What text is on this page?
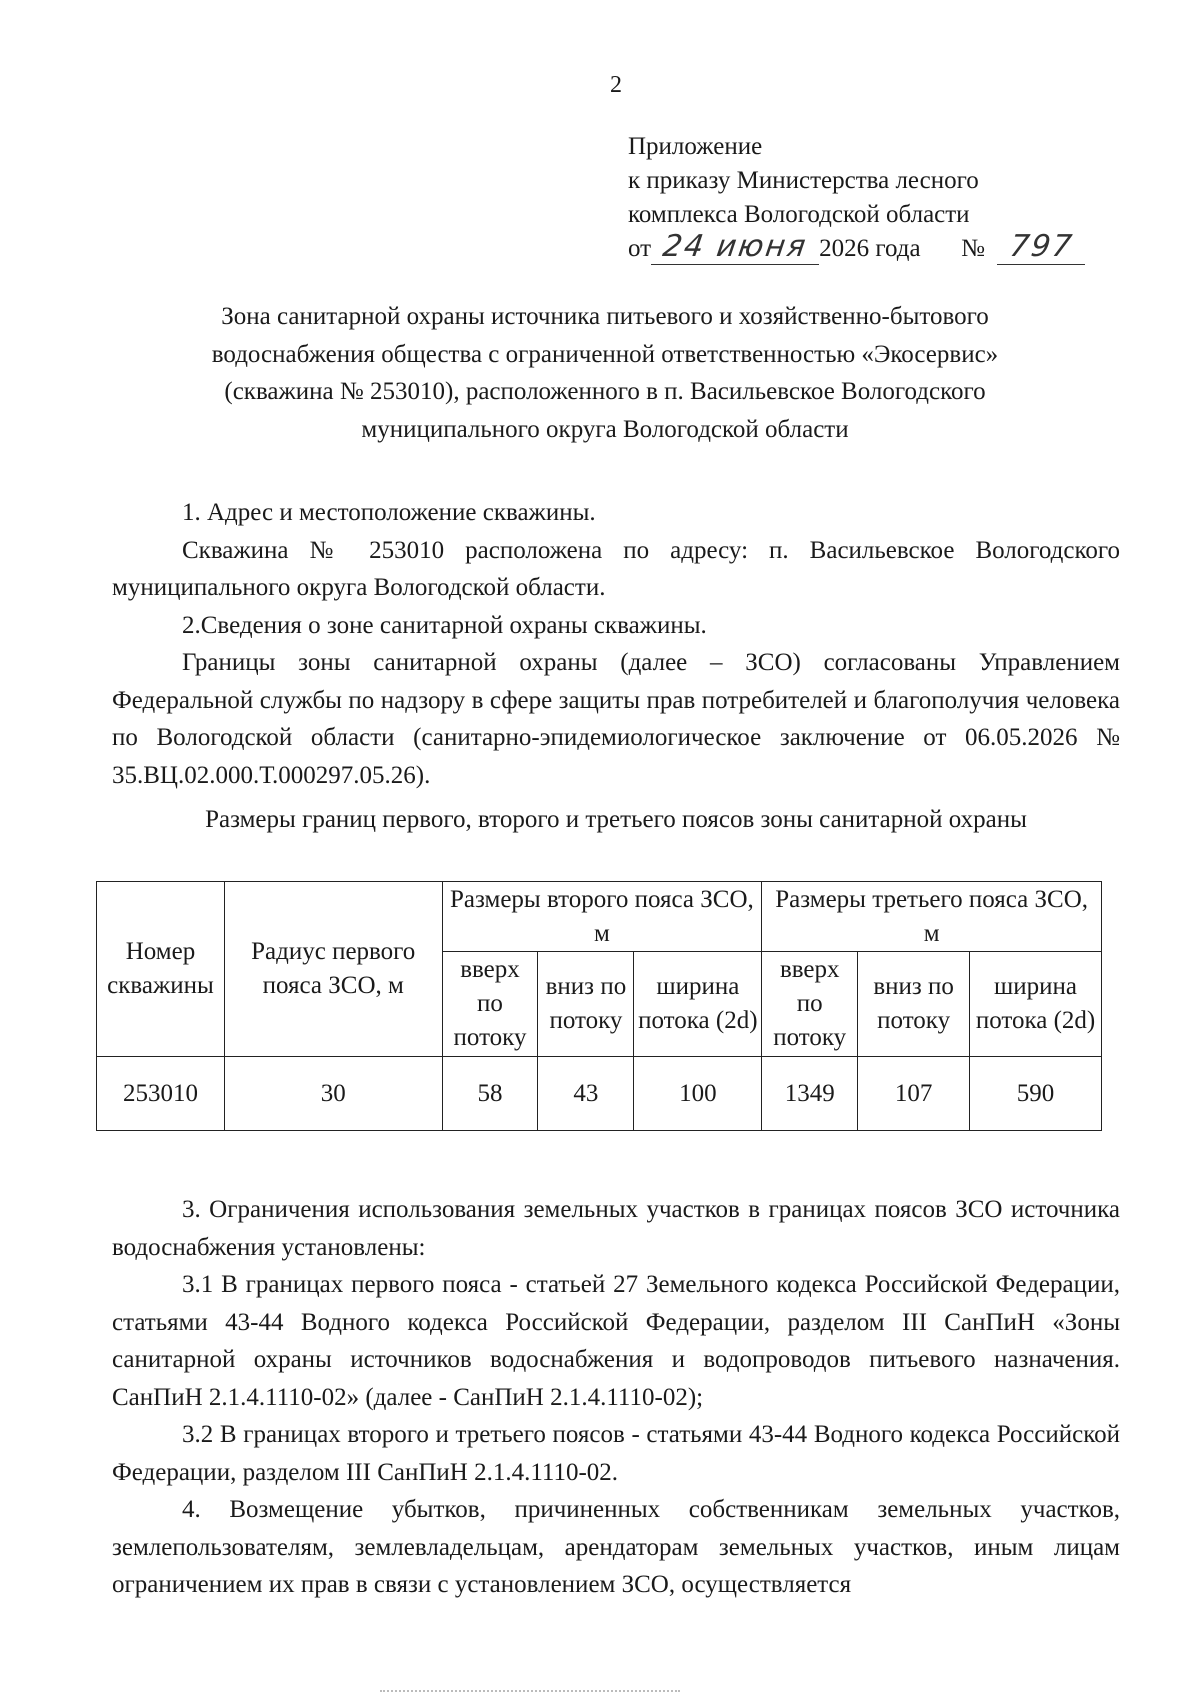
2
Приложение
к приказу Министерства лесного
комплекса Вологодской области
от 24 июня 2026 года № 797
Зона санитарной охраны источника питьевого и хозяйственно-бытового
водоснабжения общества с ограниченной ответственностью «Экосервис»
(скважина № 253010), расположенного в п. Васильевское Вологодского
муниципального округа Вологодской области

1. Адрес и местоположение скважины.

Скважина № 253010 расположена по адресу: п. Васильевское Вологодского муниципального округа Вологодской области.

2.Сведения о зоне санитарной охраны скважины.

Границы зоны санитарной охраны (далее – ЗСО) согласованы Управлением Федеральной службы по надзору в сфере защиты прав потребителей и благополучия человека по Вологодской области (санитарно-эпидемиологическое заключение от 06.05.2026 № 35.ВЦ.02.000.Т.000297.05.26).

Размеры границ первого, второго и третьего поясов зоны санитарной охраны
Номер скважины	Радиус первого пояса ЗСО, м	Размеры второго пояса ЗСО, м			Размеры третьего пояса ЗСО, м		
		вверх по потоку	вниз по потоку	ширина потока (2d)	вверх по потоку	вниз по потоку	ширина потока (2d)
253010	30	58	43	100	1349	107	590

3. Ограничения использования земельных участков в границах поясов ЗСО источника водоснабжения установлены:

3.1 В границах первого пояса - статьей 27 Земельного кодекса Российской Федерации, статьями 43-44 Водного кодекса Российской Федерации, разделом III СанПиН «Зоны санитарной охраны источников водоснабжения и водопроводов питьевого назначения. СанПиН 2.1.4.1110-02» (далее - СанПиН 2.1.4.1110-02);

3.2 В границах второго и третьего поясов - статьями 43-44 Водного кодекса Российской Федерации, разделом III СанПиН 2.1.4.1110-02.

4. Возмещение убытков, причиненных собственникам земельных участков, землепользователям, землевладельцам, арендаторам земельных участков, иным лицам ограничением их прав в связи с установлением ЗСО, осуществляется
